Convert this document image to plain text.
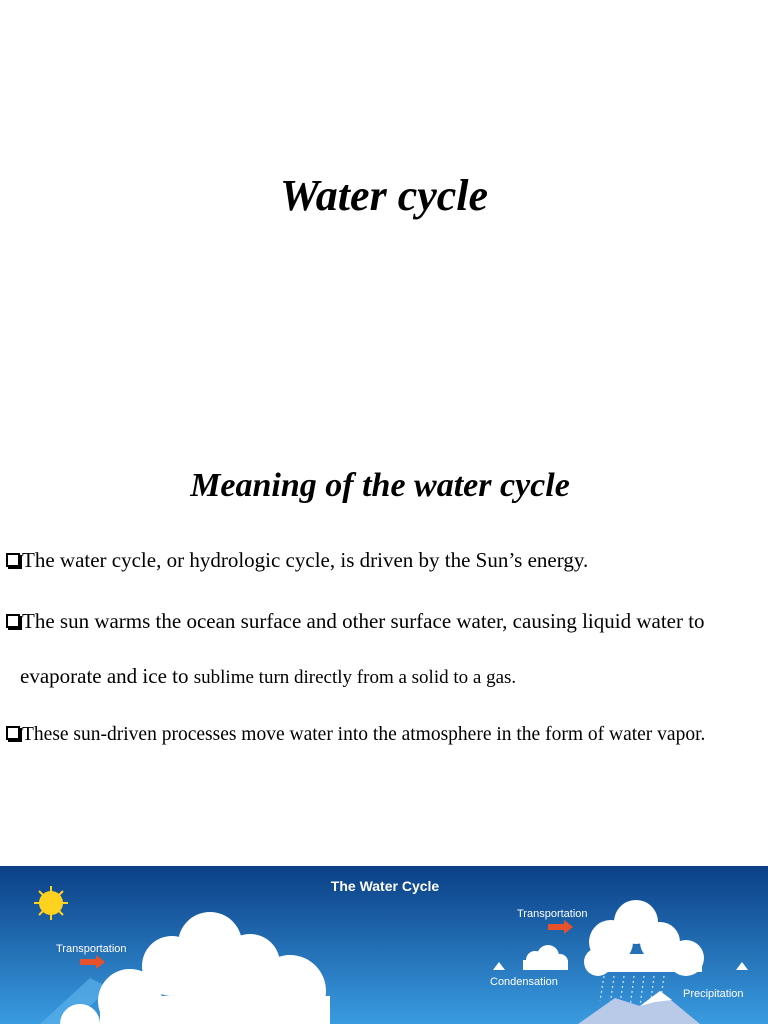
Water cycle
Meaning of the water cycle
The water cycle, or hydrologic cycle, is driven by the Sun’s energy.
The sun warms the ocean surface and other surface water, causing liquid water to
evaporate and ice to sublime turn directly from a solid to a gas.
These sun-driven processes move water into the atmosphere in the form of water vapor.
The Water Cycle
Transportation
Transportation
Condensation
Precipitation
